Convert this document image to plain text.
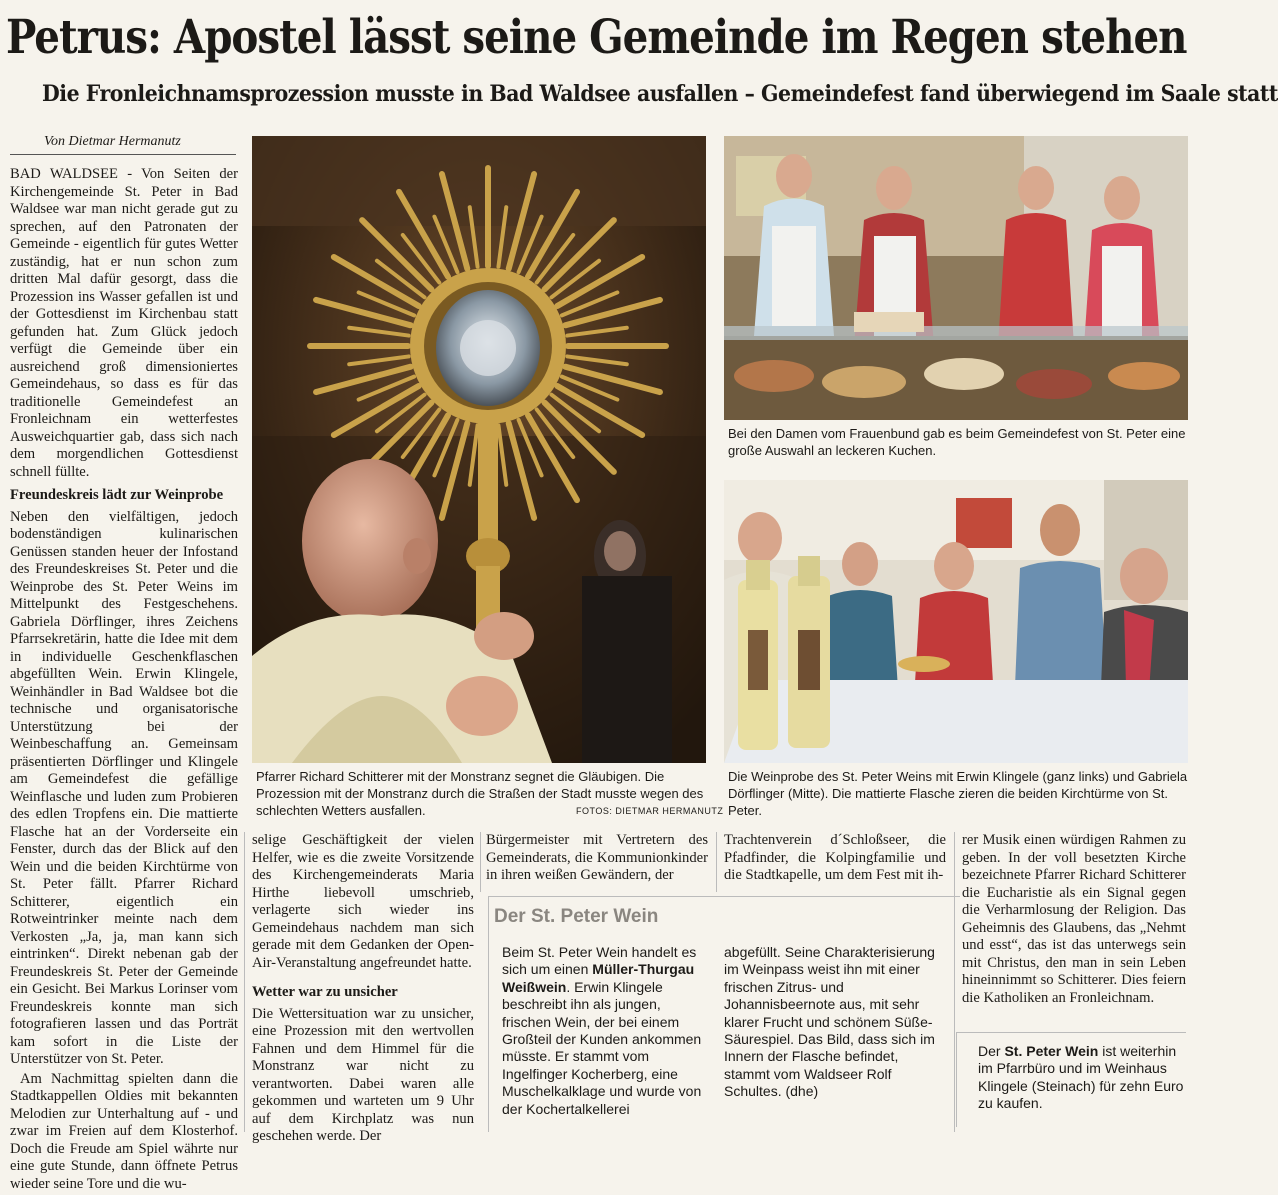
Petrus: Apostel lässt seine Gemeinde im Regen stehen
Die Fronleichnamsprozession musste in Bad Waldsee ausfallen – Gemeindefest fand überwiegend im Saale statt
Von Dietmar Hermanutz

BAD WALDSEE - Von Seiten der Kirchengemeinde St. Peter in Bad Waldsee war man nicht gerade gut zu sprechen, auf den Patronaten der Gemeinde - eigentlich für gutes Wetter zuständig, hat er nun schon zum dritten Mal dafür gesorgt, dass die Prozession ins Wasser gefallen ist und der Gottesdienst im Kirchenbau statt gefunden hat. Zum Glück jedoch verfügt die Gemeinde über ein ausreichend groß dimensioniertes Gemeindehaus, so dass es für das traditionelle Gemeindefest an Fronleichnam ein wetterfestes Ausweichquartier gab, dass sich nach dem morgendlichen Gottesdienst schnell füllte.

Freundeskreis lädt zur Weinprobe

Neben den vielfältigen, jedoch bodenständigen kulinarischen Genüssen standen heuer der Infostand des Freundeskreises St. Peter und die Weinprobe des St. Peter Weins im Mittelpunkt des Festgeschehens. Gabriela Dörflinger, ihres Zeichens Pfarrsekretärin, hatte die Idee mit dem in individuelle Geschenkflaschen abgefüllten Wein. Erwin Klingele, Weinhändler in Bad Waldsee bot die technische und organisatorische Unterstützung bei der Weinbeschaffung an. Gemeinsam präsentierten Dörflinger und Klingele am Gemeindefest die gefällige Weinflasche und luden zum Probieren des edlen Tropfens ein. Die mattierte Flasche hat an der Vorderseite ein Fenster, durch das der Blick auf den Wein und die beiden Kirchtürme von St. Peter fällt. Pfarrer Richard Schitterer, eigentlich ein Rotweintrinker meinte nach dem Verkosten „Ja, ja, man kann sich eintrinken“. Direkt nebenan gab der Freundeskreis St. Peter der Gemeinde ein Gesicht. Bei Markus Lorinser vom Freundeskreis konnte man sich fotografieren lassen und das Porträt kam sofort in die Liste der Unterstützer von St. Peter.

Am Nachmittag spielten dann die Stadtkappellen Oldies mit bekannten Melodien zur Unterhaltung auf - und zwar im Freien auf dem Klosterhof. Doch die Freude am Spiel währte nur eine gute Stunde, dann öffnete Petrus wieder seine Tore und die wu-

Pfarrer Richard Schitterer mit der Monstranz segnet die Gläubigen. Die Prozession mit der Monstranz durch die Straßen der Stadt musste wegen des schlechten Wetters ausfallen.	FOTOS: DIETMAR HERMANUTZ
Bei den Damen vom Frauenbund gab es beim Gemeindefest von St. Peter eine große Auswahl an leckeren Kuchen.
Die Weinprobe des St. Peter Weins mit Erwin Klingele (ganz links) und Gabriela Dörflinger (Mitte). Die mattierte Flasche zieren die beiden Kirchtürme von St. Peter.

selige Geschäftigkeit der vielen Helfer, wie es die zweite Vorsitzende des Kirchengemeinderats Maria Hirthe liebevoll umschrieb, verlagerte sich wieder ins Gemeindehaus nachdem man sich gerade mit dem Gedanken der Open-Air-Veranstaltung angefreundet hatte.

Wetter war zu unsicher

Die Wettersituation war zu unsicher, eine Prozession mit den wertvollen Fahnen und dem Himmel für die Monstranz war nicht zu verantworten. Dabei waren alle gekommen und warteten um 9 Uhr auf dem Kirchplatz was nun geschehen werde. Der

Bürgermeister mit Vertretern des Gemeinderats, die Kommunionkinder in ihren weißen Gewändern, der

Trachtenverein d´Schloßseer, die Pfadfinder, die Kolpingfamilie und die Stadtkapelle, um dem Fest mit ih-

rer Musik einen würdigen Rahmen zu geben. In der voll besetzten Kirche bezeichnete Pfarrer Richard Schitterer die Eucharistie als ein Signal gegen die Verharmlosung der Religion. Das Geheimnis des Glaubens, das „Nehmt und esst“, das ist das unterwegs sein mit Christus, den man in sein Leben hineinnimmt so Schitterer. Dies feiern die Katholiken an Fronleichnam.

Der St. Peter Wein
Beim St. Peter Wein handelt es sich um einen Müller-Thurgau Weißwein. Erwin Klingele beschreibt ihn als jungen, frischen Wein, der bei einem Großteil der Kunden ankommen müsste. Er stammt vom Ingelfinger Kocherberg, eine Muschelkalklage und wurde von der Kochertalkellerei
abgefüllt. Seine Charakterisierung im Weinpass weist ihn mit einer frischen Zitrus- und Johannisbeernote aus, mit sehr klarer Frucht und schönem Süße-Säurespiel. Das Bild, dass sich im Innern der Flasche befindet, stammt vom Waldseer Rolf Schultes. (dhe)
Der St. Peter Wein ist weiterhin im Pfarrbüro und im Weinhaus Klingele (Steinach) für zehn Euro zu kaufen.
